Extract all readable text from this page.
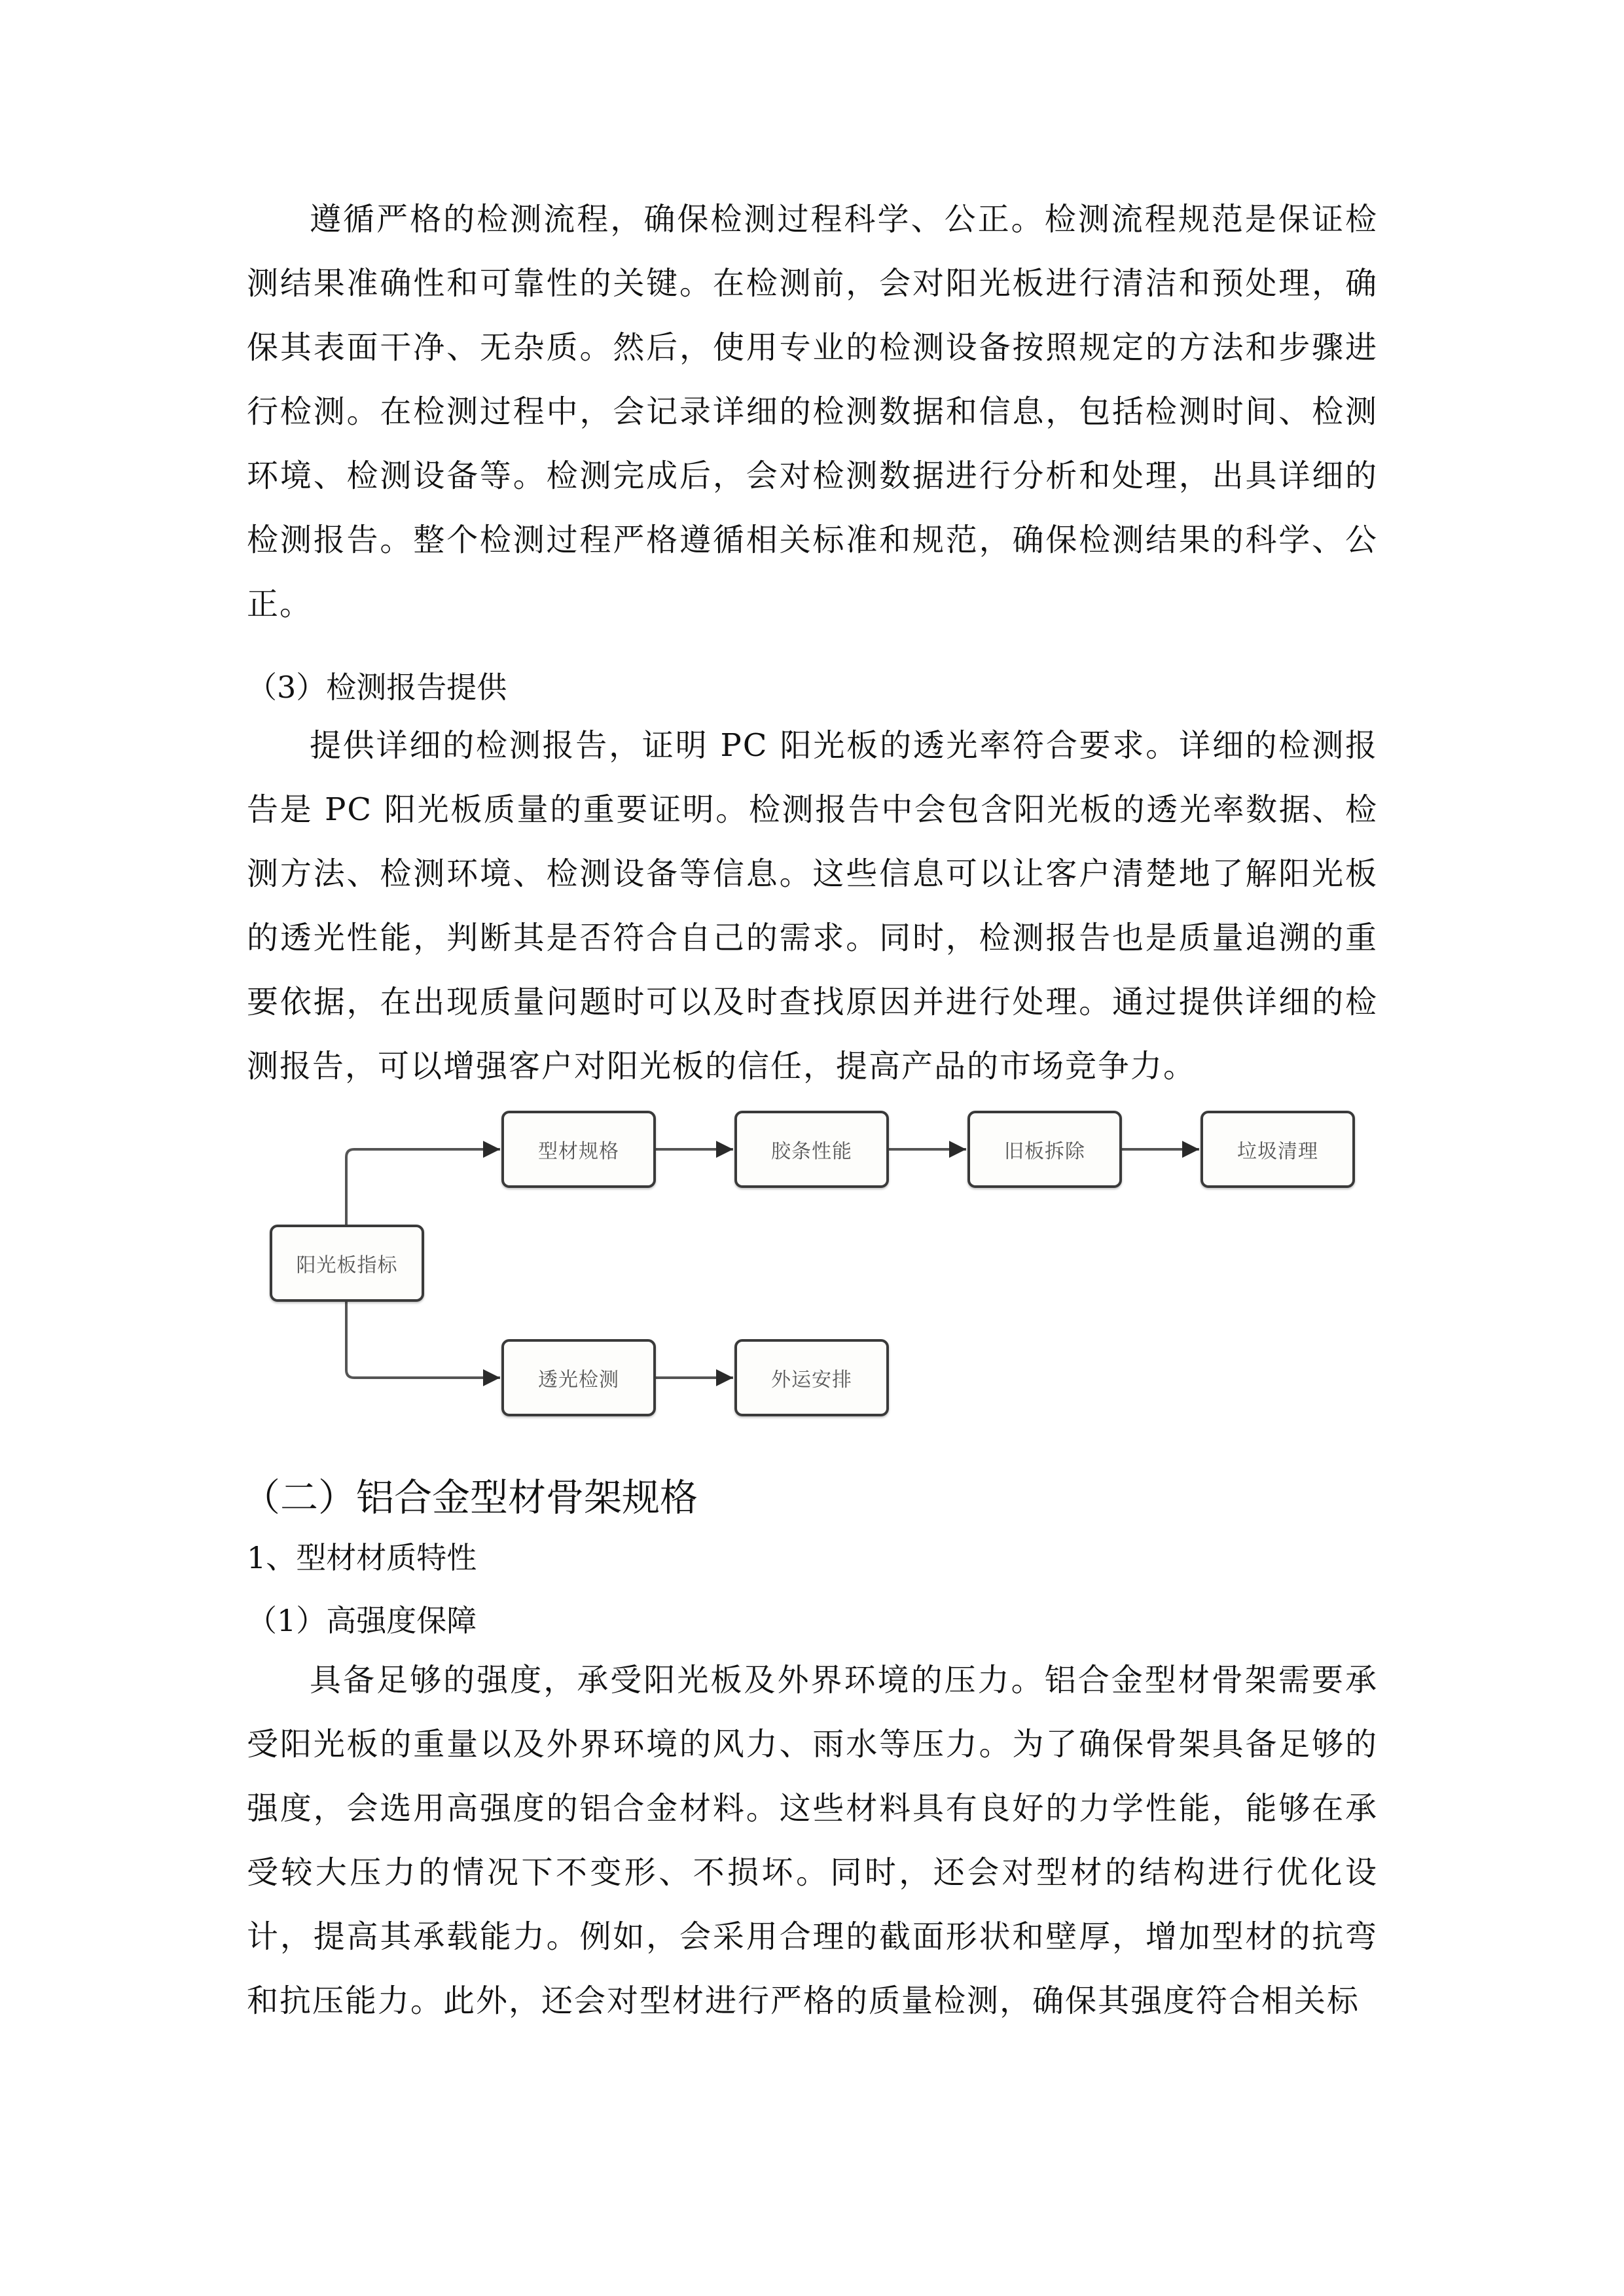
遵循严格的检测流程，确保检测过程科学、公正。检测流程规范是保证检测结果准确性和可靠性的关键。在检测前，会对阳光板进行清洁和预处理，确保其表面干净、无杂质。然后，使用专业的检测设备按照规定的方法和步骤进行检测。在检测过程中，会记录详细的检测数据和信息，包括检测时间、检测环境、检测设备等。检测完成后，会对检测数据进行分析和处理，出具详细的检测报告。整个检测过程严格遵循相关标准和规范，确保检测结果的科学、公正。

（3）检测报告提供

提供详细的检测报告，证明 PC 阳光板的透光率符合要求。详细的检测报告是 PC 阳光板质量的重要证明。检测报告中会包含阳光板的透光率数据、检测方法、检测环境、检测设备等信息。这些信息可以让客户清楚地了解阳光板的透光性能，判断其是否符合自己的需求。同时，检测报告也是质量追溯的重要依据，在出现质量问题时可以及时查找原因并进行处理。通过提供详细的检测报告，可以增强客户对阳光板的信任，提高产品的市场竞争力。

阳光板指标
型材规格	胶条性能	旧板拆除	垃圾清理
透光检测	外运安排
（二）铝合金型材骨架规格
1、型材材质特性
（1）高强度保障

具备足够的强度，承受阳光板及外界环境的压力。铝合金型材骨架需要承受阳光板的重量以及外界环境的风力、雨水等压力。为了确保骨架具备足够的强度，会选用高强度的铝合金材料。这些材料具有良好的力学性能，能够在承受较大压力的情况下不变形、不损坏。同时，还会对型材的结构进行优化设计，提高其承载能力。例如，会采用合理的截面形状和壁厚，增加型材的抗弯和抗压能力。此外，还会对型材进行严格的质量检测，确保其强度符合相关标
